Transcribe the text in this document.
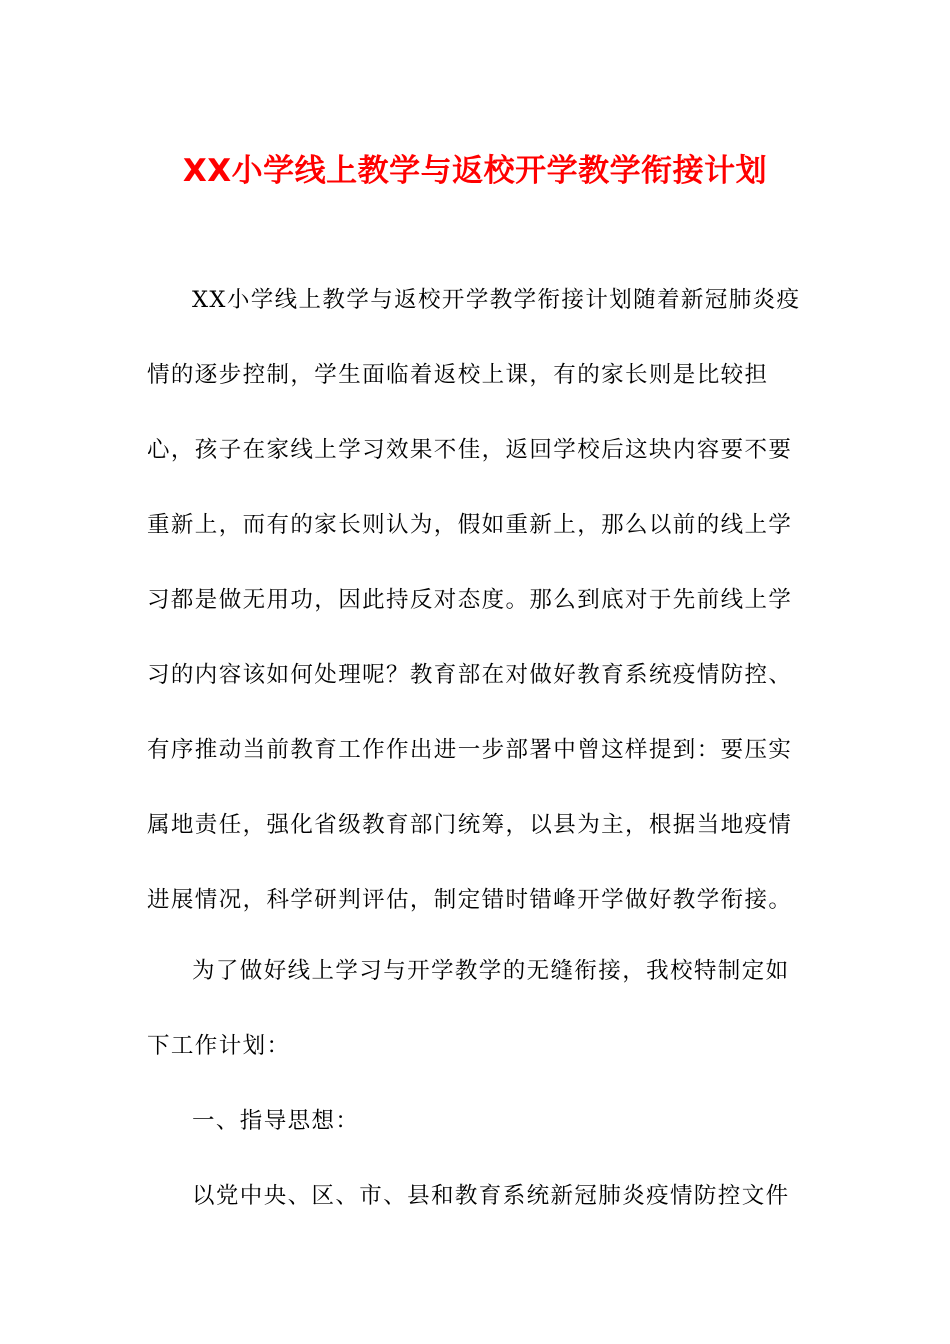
XX小学线上教学与返校开学教学衔接计划

XX小学线上教学与返校开学教学衔接计划随着新冠肺炎疫情的逐步控制，学生面临着返校上课，有的家长则是比较担心，孩子在家线上学习效果不佳，返回学校后这块内容要不要重新上，而有的家长则认为，假如重新上，那么以前的线上学习都是做无用功，因此持反对态度。那么到底对于先前线上学习的内容该如何处理呢？教育部在对做好教育系统疫情防控、有序推动当前教育工作作出进一步部署中曾这样提到：要压实属地责任，强化省级教育部门统筹，以县为主，根据当地疫情进展情况，科学研判评估，制定错时错峰开学做好教学衔接。

为了做好线上学习与开学教学的无缝衔接，我校特制定如下工作计划：

一、指导思想：

以党中央、区、市、县和教育系统新冠肺炎疫情防控文件
